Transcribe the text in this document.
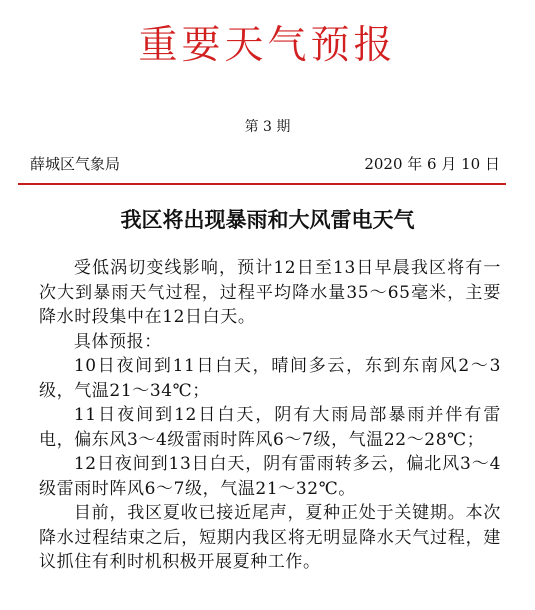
重要天气预报
第 3 期
薛城区气象局	2020 年 6 月 10 日
我区将出现暴雨和大风雷电天气

受低涡切变线影响，预计12日至13日早晨我区将有一次大到暴雨天气过程，过程平均降水量35～65毫米，主要降水时段集中在12日白天。

具体预报：

10日夜间到11日白天，晴间多云，东到东南风2～3级，气温21～34℃；

11日夜间到12日白天，阴有大雨局部暴雨并伴有雷电，偏东风3～4级雷雨时阵风6～7级，气温22～28℃；

12日夜间到13日白天，阴有雷雨转多云，偏北风3～4级雷雨时阵风6～7级，气温21～32℃。

目前，我区夏收已接近尾声，夏种正处于关键期。本次降水过程结束之后，短期内我区将无明显降水天气过程，建议抓住有利时机积极开展夏种工作。
